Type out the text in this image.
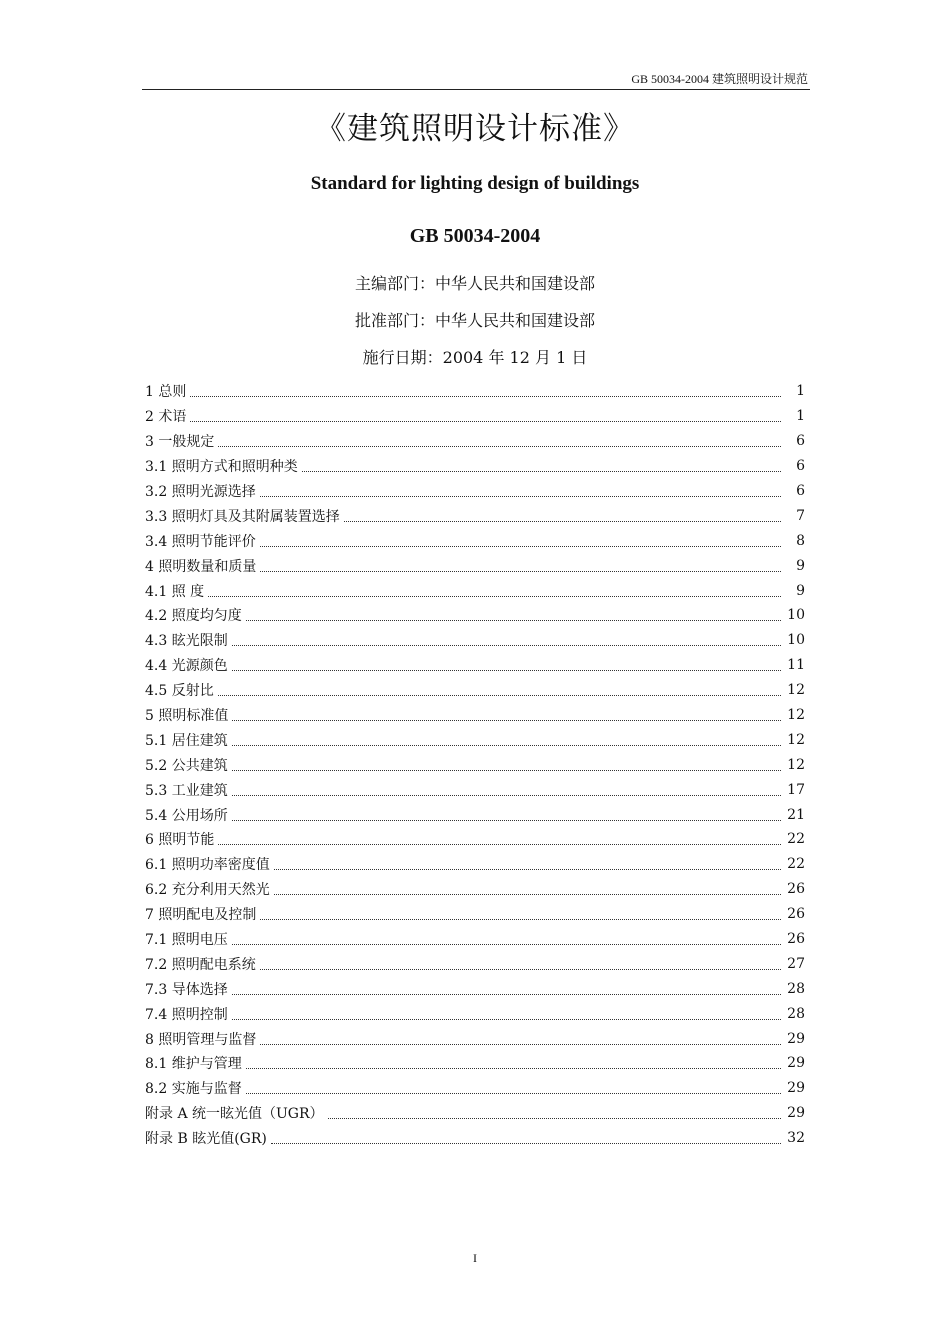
GB 50034-2004 建筑照明设计规范
《建筑照明设计标准》
Standard for lighting design of buildings
GB 50034-2004
主编部门：中华人民共和国建设部
批准部门：中华人民共和国建设部
施行日期：2004 年 12 月 1 日
1 总则	1
2 术语	1
3 一般规定	6
3.1 照明方式和照明种类	6
3.2 照明光源选择	6
3.3 照明灯具及其附属装置选择	7
3.4 照明节能评价	8
4 照明数量和质量	9
4.1 照 度	9
4.2 照度均匀度	10
4.3 眩光限制	10
4.4 光源颜色	11
4.5 反射比	12
5 照明标准值	12
5.1 居住建筑	12
5.2 公共建筑	12
5.3 工业建筑	17
5.4 公用场所	21
6 照明节能	22
6.1 照明功率密度值	22
6.2 充分利用天然光	26
7 照明配电及控制	26
7.1 照明电压	26
7.2 照明配电系统	27
7.3 导体选择	28
7.4 照明控制	28
8 照明管理与监督	29
8.1 维护与管理	29
8.2 实施与监督	29
附录 A 统一眩光值（UGR）	29
附录 B 眩光值(GR)	32
I
